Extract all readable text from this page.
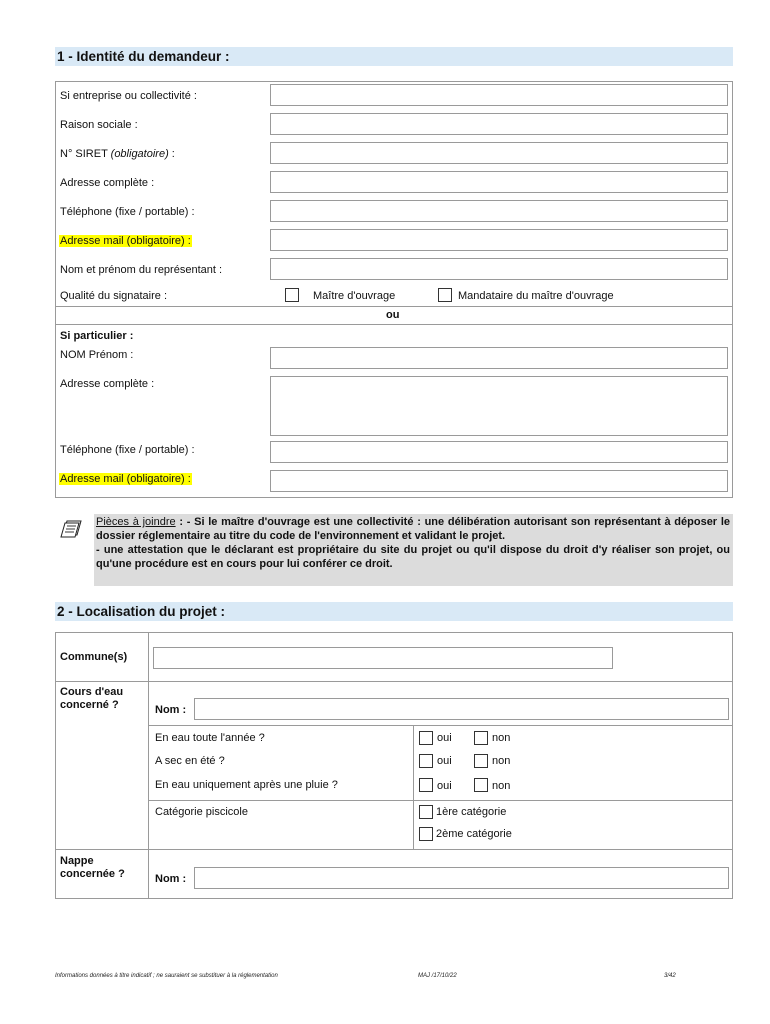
1 - Identité du demandeur :
Si entreprise ou collectivité :
Raison sociale :
N° SIRET (obligatoire) :
Adresse complète :
Téléphone (fixe / portable) :
Adresse mail (obligatoire) :
Nom et prénom du représentant :
Qualité du signataire :	Maître d'ouvrage	Mandataire du maître d'ouvrage
ou
Si particulier :
NOM Prénom :
Adresse complète :
Téléphone (fixe / portable) :
Adresse mail (obligatoire) :
Pièces à joindre : - Si le maître d'ouvrage est une collectivité : une délibération autorisant son représentant à déposer le dossier réglementaire au titre du code de l'environnement et validant le projet.
- une attestation que le déclarant est propriétaire du site du projet ou qu'il dispose du droit d'y réaliser son projet, ou qu'une procédure est en cours pour lui conférer ce droit.
2 - Localisation du projet :
Commune(s)
Cours d'eau concerné ?	Nom :
En eau toute l'année ?	oui	non
A sec en été ?	oui	non
En eau uniquement après une pluie ?	oui	non
Catégorie piscicole	1ère catégorie
2ème catégorie
Nappe concernée ?	Nom :
Informations données à titre indicatif ; ne sauraient se substituer à la réglementation	MAJ /17/10/22	3/42
